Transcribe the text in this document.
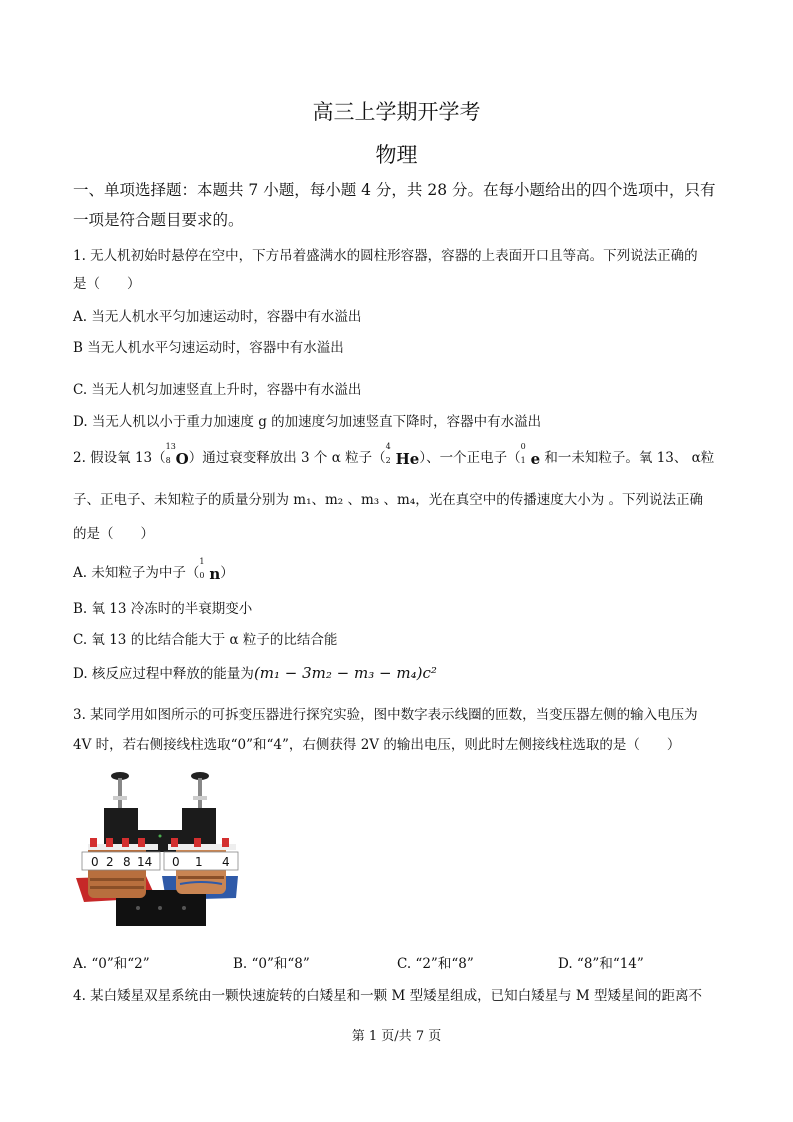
高三上学期开学考
物理
一、单项选择题：本题共 7 小题，每小题 4 分，共 28 分。在每小题给出的四个选项中，只有
一项是符合题目要求的。
1. 无人机初始时悬停在空中，下方吊着盛满水的圆柱形容器，容器的上表面开口且等高。下列说法正确的
是（　　）
A. 当无人机水平匀加速运动时，容器中有水溢出
B 当无人机水平匀速运动时，容器中有水溢出
C. 当无人机匀加速竖直上升时，容器中有水溢出
D. 当无人机以小于重力加速度 g 的加速度匀加速竖直下降时，容器中有水溢出
2. 假设氧 13（
13
8 O）通过衰变释放出 3 个 α 粒子（
4
2 He）、一个正电子（
0
1 e 和一未知粒子。氧 13、 α粒
子、正电子、未知粒子的质量分别为 m₁、m₂ 、m₃ 、m₄，光在真空中的传播速度大小为 。下列说法正确
的是（　　）
A. 未知粒子为中子（
1
0 n）
B. 氧 13 冷冻时的半衰期变小
C. 氧 13 的比结合能大于 α 粒子的比结合能
D. 核反应过程中释放的能量为(m₁ − 3m₂ − m₃ − m₄)c²
3. 某同学用如图所示的可拆变压器进行探究实验，图中数字表示线圈的匝数，当变压器左侧的输入电压为
4V 时，若右侧接线柱选取“0”和“4”，右侧获得 2V 的输出电压，则此时左侧接线柱选取的是（　　）
0 2 8 14 0 1 4
A. “0”和“2”	B. “0”和“8”	C. “2”和“8”	D. “8”和“14”
4. 某白矮星双星系统由一颗快速旋转的白矮星和一颗 M 型矮星组成，已知白矮星与 M 型矮星间的距离不
第 1 页/共 7 页
